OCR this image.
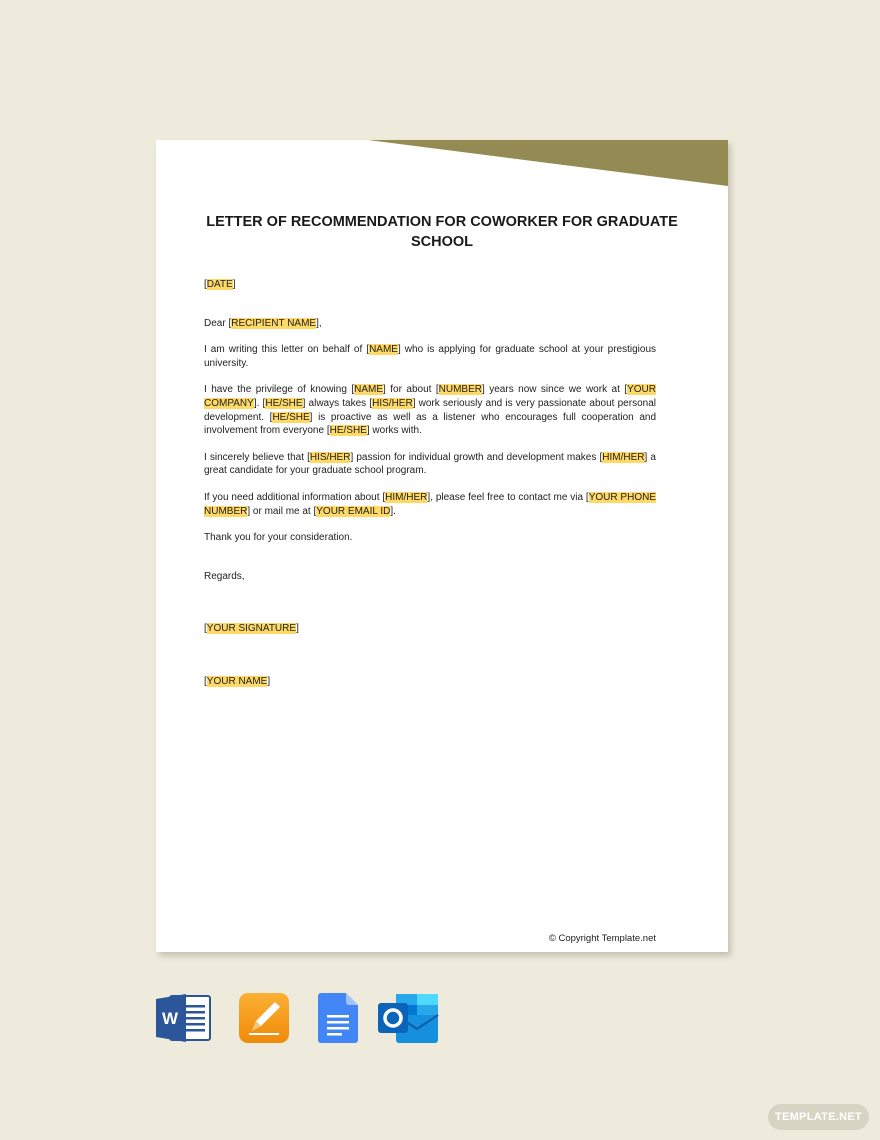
LETTER OF RECOMMENDATION FOR COWORKER FOR GRADUATE SCHOOL

[DATE]

Dear [RECIPIENT NAME],

I am writing this letter on behalf of [NAME] who is applying for graduate school at your prestigious university.

I have the privilege of knowing [NAME] for about [NUMBER] years now since we work at [YOUR COMPANY]. [HE/SHE] always takes [HIS/HER] work seriously and is very passionate about personal development. [HE/SHE] is proactive as well as a listener who encourages full cooperation and involvement from everyone [HE/SHE] works with.

I sincerely believe that [HIS/HER] passion for individual growth and development makes [HIM/HER] a great candidate for your graduate school program.

If you need additional information about [HIM/HER], please feel free to contact me via [YOUR PHONE NUMBER] or mail me at [YOUR EMAIL ID].

Thank you for your consideration.

Regards,

[YOUR SIGNATURE]

[YOUR NAME]

© Copyright Template.net
W
TEMPLATE.NET
